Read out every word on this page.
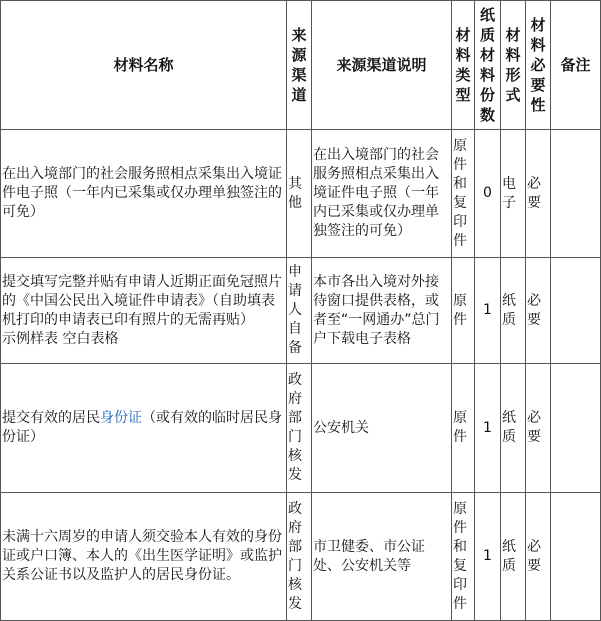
材料名称	来源渠道	来源渠道说明	材料类型	纸质材料份数	材料形式	材料必要性	备注
在出入境部门的社会服务照相点采集出入境证件电子照（一年内已采集或仅办理单独签注的可免）	其他	在出入境部门的社会服务照相点采集出入境证件电子照（一年内已采集或仅办理单独签注的可免）	原件和复印件	0	电子	必要	
提交填写完整并贴有申请人近期正面免冠照片的《中国公民出入境证件申请表》（自助填表机打印的申请表已印有照片的无需再贴）
示例样表 空白表格	申请人自备	本市各出入境对外接待窗口提供表格，或者至“一网通办”总门户下载电子表格	原件	1	纸质	必要	
提交有效的居民身份证（或有效的临时居民身份证）	政府部门核发	公安机关	原件	1	纸质	必要	
未满十六周岁的申请人须交验本人有效的身份证或户口簿、本人的《出生医学证明》或监护关系公证书以及监护人的居民身份证。	政府部门核发	市卫健委、市公证处、公安机关等	原件和复印件	1	纸质	必要	
